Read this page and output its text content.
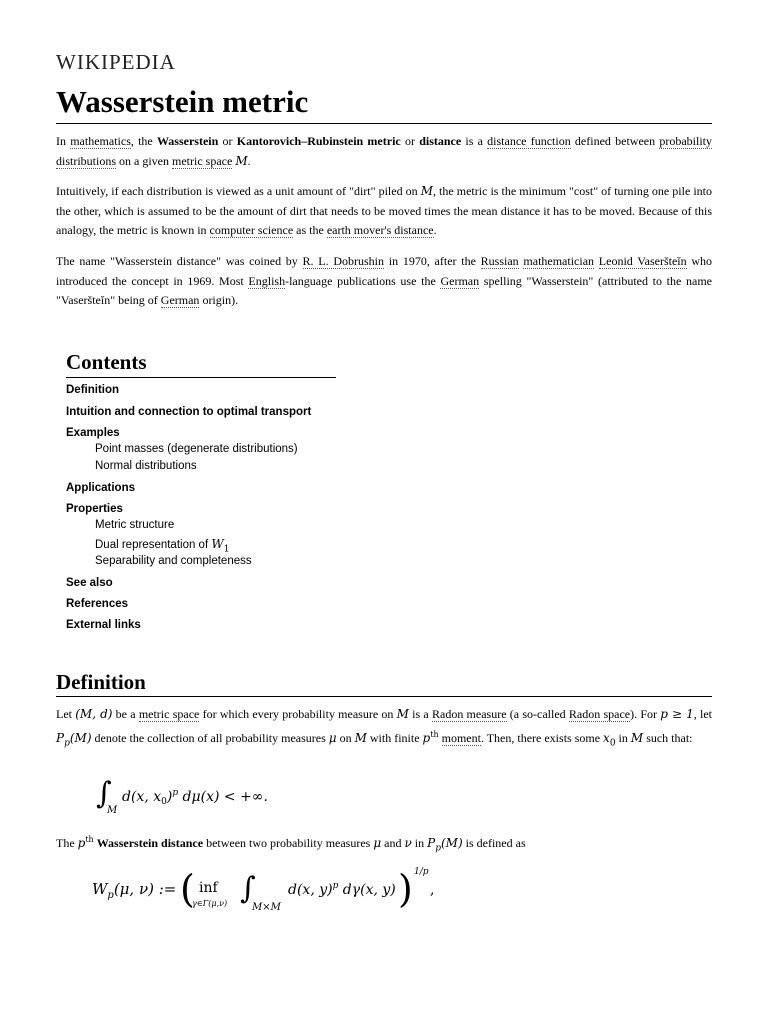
WIKIPEDIA
Wasserstein metric
In mathematics, the Wasserstein or Kantorovich–Rubinstein metric or distance is a distance function defined between probability distributions on a given metric space M.
Intuitively, if each distribution is viewed as a unit amount of "dirt" piled on M, the metric is the minimum "cost" of turning one pile into the other, which is assumed to be the amount of dirt that needs to be moved times the mean distance it has to be moved. Because of this analogy, the metric is known in computer science as the earth mover's distance.
The name "Wasserstein distance" was coined by R. L. Dobrushin in 1970, after the Russian mathematician Leonid Vaseršteĭn who introduced the concept in 1969. Most English-language publications use the German spelling "Wasserstein" (attributed to the name "Vaseršteĭn" being of German origin).
Contents
Definition
Intuition and connection to optimal transport
Examples
Point masses (degenerate distributions)
Normal distributions
Applications
Properties
Metric structure
Dual representation of $W_1$
Separability and completeness
See also
References
External links
Definition
Let (M, d) be a metric space for which every probability measure on M is a Radon measure (a so-called Radon space). For p ≥ 1, let $P_p(M)$ denote the collection of all probability measures μ on M with finite $p^{th}$ moment. Then, there exists some $x_0$ in M such that:
∫
M
d(x, $x_0)^p$ dμ(x) < +∞.
The $p^{th}$ Wasserstein distance between two probability measures μ and ν in $P_p(M)$ is defined as
$W_p(\mu$, ν) := ( inf
γ∈Γ(μ,ν) ∫
M×M
d(x, y)$^p$ dγ(x, y) ) 1/p
,
